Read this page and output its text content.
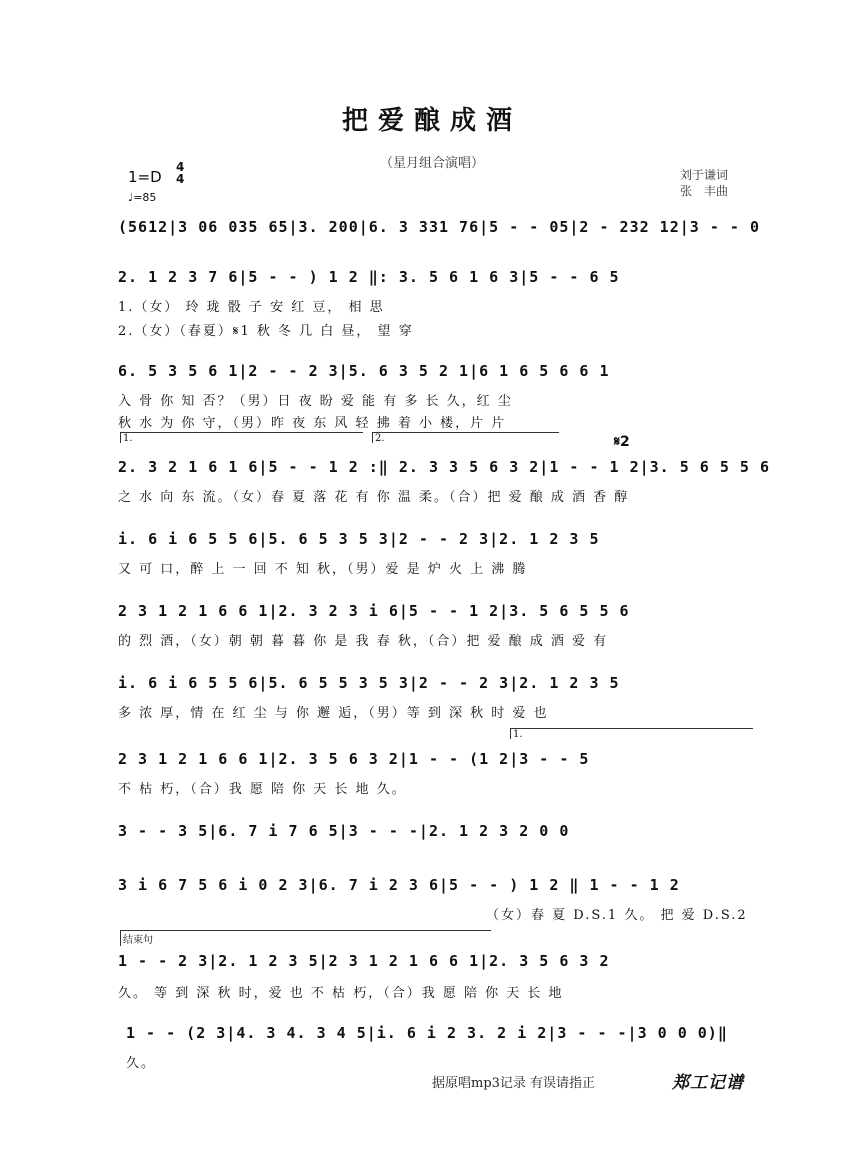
把爱酿成酒
（星月组合演唱）
1=D
4
4
♩=85
刘于谦词
张　丰曲
(5612|3 06 035 65|3. 200|6. 3 331 76|5 - - 05|2 - 232 12|3 - - 0
2. 1 2 3 7 6|5 - - ) 1 2 ‖: 3. 5 6 1 6 3|5 - - 6 5
1.（女） 玲 珑 骰 子 安 红 豆， 相 思
2.（女）（春夏）𝄋1 秋 冬 几 白 昼， 望 穿
6. 5 3 5 6 1|2 - - 2 3|5. 6 3 5 2 1|6 1 6 5 6 6 1
入 骨 你 知 否？（男）日 夜 盼 爱 能 有 多 长 久，红 尘
秋 水 为 你 守，（男）昨 夜 东 风 轻 拂 着 小 楼，片 片
1.	2.	𝄋2
2. 3 2 1 6 1 6|5 - - 1 2 :‖ 2. 3 3 5 6 3 2|1 - - 1 2|3. 5 6 5 5 6
之 水 向 东 流。（女）春 夏 落 花 有 你 温 柔。（合）把 爱 酿 成 酒 香 醇
i. 6 i 6 5 5 6|5. 6 5 3 5 3|2 - - 2 3|2. 1 2 3 5
又 可 口，醉 上 一 回 不 知 秋，（男）爱 是 炉 火 上 沸 腾
2 3 1 2 1 6 6 1|2. 3 2 3 i 6|5 - - 1 2|3. 5 6 5 5 6
的 烈 酒，（女）朝 朝 暮 暮 你 是 我 春 秋，（合）把 爱 酿 成 酒 爱 有
i. 6 i 6 5 5 6|5. 6 5 5 3 5 3|2 - - 2 3|2. 1 2 3 5
多 浓 厚，情 在 红 尘 与 你 邂 逅，（男）等 到 深 秋 时 爱 也
1.
2 3 1 2 1 6 6 1|2. 3 5 6 3 2|1 - - (1 2|3 - - 5
不 枯 朽，（合）我 愿 陪 你 天 长 地 久。
3 - - 3 5|6. 7 i 7 6 5|3 - - -|2. 1 2 3 2 0 0
3 i 6 7 5 6 i 0 2 3|6. 7 i 2 3 6|5 - - ) 1 2 ‖ 1 - - 1 2
（女）春 夏 D.S.1 久。 把 爱 D.S.2
结束句
1 - - 2 3|2. 1 2 3 5|2 3 1 2 1 6 6 1|2. 3 5 6 3 2
久。 等 到 深 秋 时，爱 也 不 枯 朽，（合）我 愿 陪 你 天 长 地
1 - - (2 3|4. 3 4. 3 4 5|i. 6 i 2 3. 2 i 2|3 - - -|3 0 0 0)‖
久。
据原唱mp3记录 有误请指正	郑工记谱
